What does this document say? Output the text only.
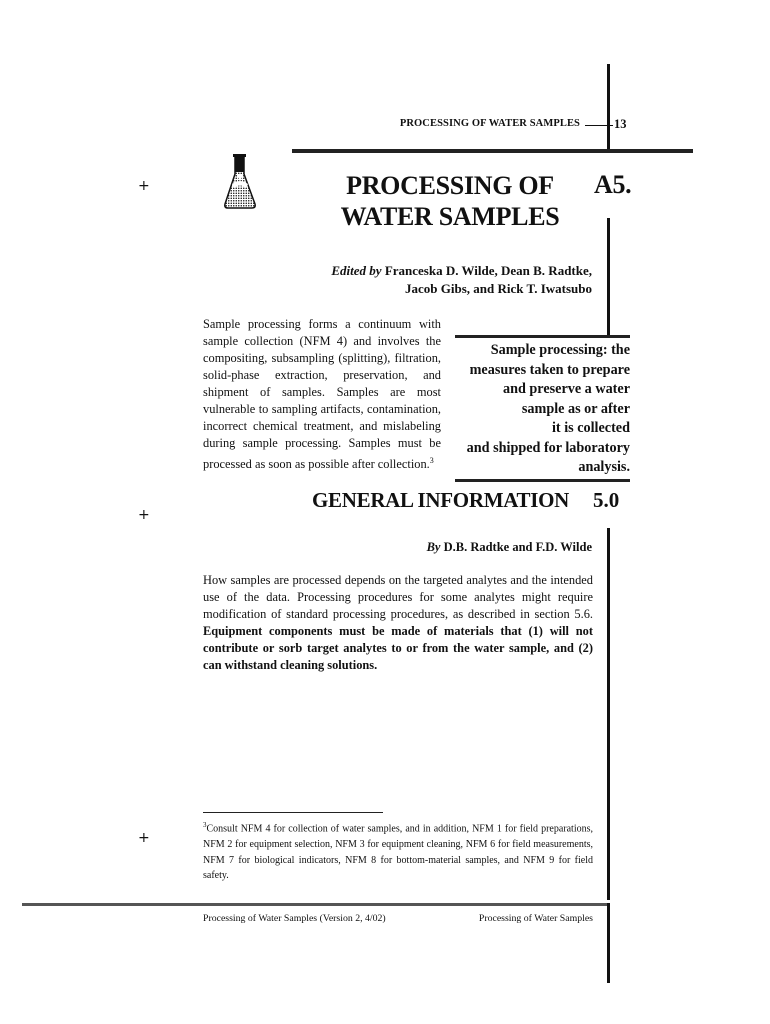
PROCESSING OF WATER SAMPLES	13
+
+
+
PROCESSING OF
WATER SAMPLES
A5.
Edited by Franceska D. Wilde, Dean B. Radtke,
Jacob Gibs, and Rick T. Iwatsubo
Sample processing forms a continuum with sample collection (NFM 4) and involves the compositing, subsampling (splitting), filtration, solid-phase extraction, preservation, and shipment of samples. Samples are most vulnerable to sampling artifacts, contamination, incorrect chemical treatment, and mislabeling during sample processing. Samples must be processed as soon as possible after collection.$^3$
Sample processing: the
measures taken to prepare
and preserve a water
sample as or after
it is collected
and shipped for laboratory
analysis.
GENERAL INFORMATION 5.0
By D.B. Radtke and F.D. Wilde
How samples are processed depends on the targeted analytes and the intended use of the data. Processing procedures for some analytes might require modification of standard processing procedures, as described in section 5.6. Equipment components must be made of materials that (1) will not contribute or sorb target analytes to or from the water sample, and (2) can withstand cleaning solutions.
$^3$Consult NFM 4 for collection of water samples, and in addition, NFM 1 for field preparations, NFM 2 for equipment selection, NFM 3 for equipment cleaning, NFM 6 for field measurements, NFM 7 for biological indicators, NFM 8 for bottom-material samples, and NFM 9 for field safety.
Processing of Water Samples (Version 2, 4/02)	Processing of Water Samples
